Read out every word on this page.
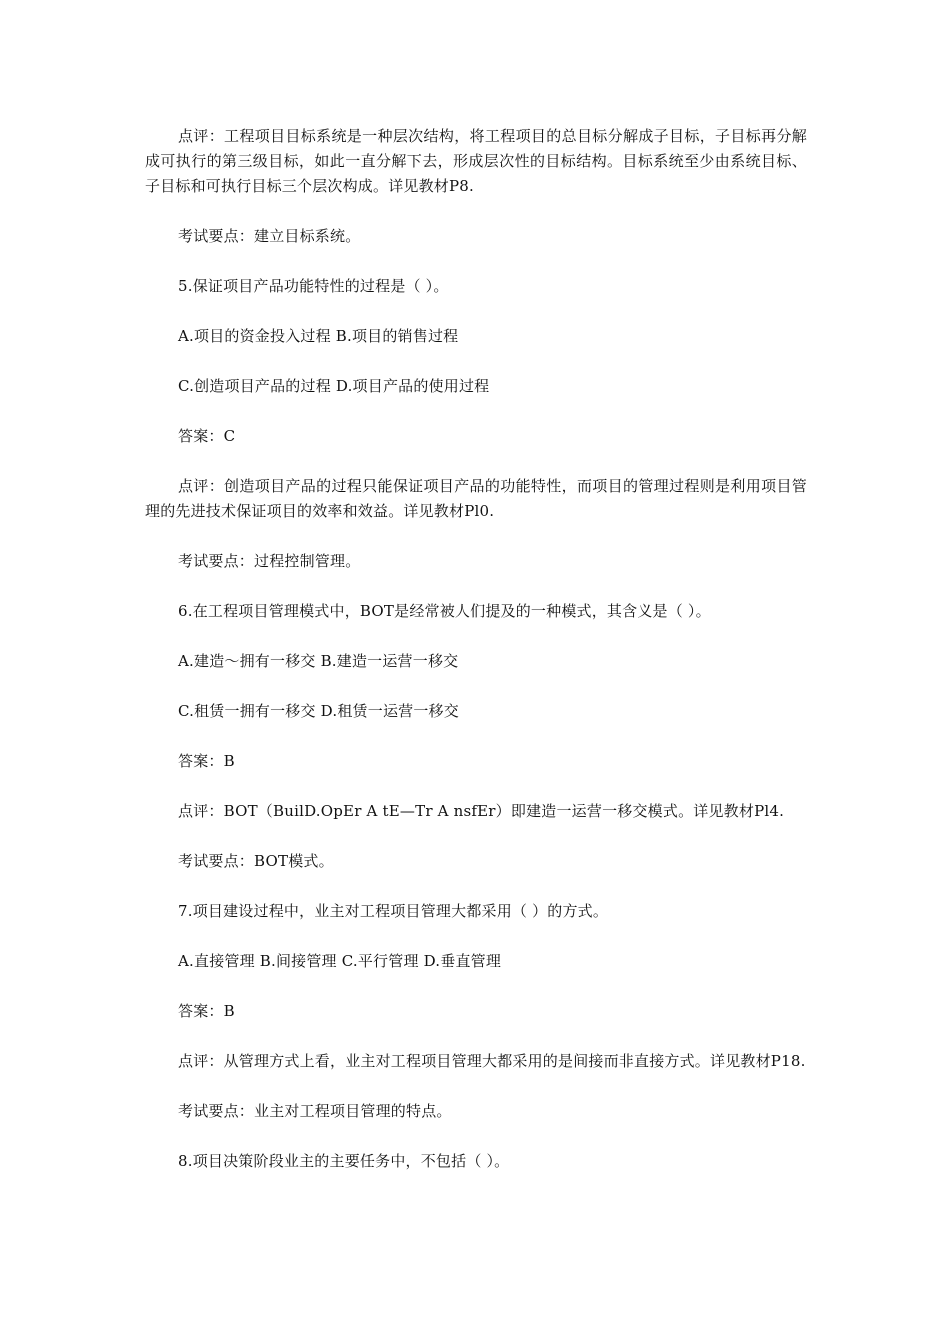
点评：工程项目目标系统是一种层次结构，将工程项目的总目标分解成子目标，子目标再分解成可执行的第三级目标，如此一直分解下去，形成层次性的目标结构。目标系统至少由系统目标、子目标和可执行目标三个层次构成。详见教材P8.

考试要点：建立目标系统。

5.保证项目产品功能特性的过程是（ ）。

A.项目的资金投入过程 B.项目的销售过程

C.创造项目产品的过程 D.项目产品的使用过程

答案：C

点评：创造项目产品的过程只能保证项目产品的功能特性，而项目的管理过程则是利用项目管理的先进技术保证项目的效率和效益。详见教材Pl0.

考试要点：过程控制管理。

6.在工程项目管理模式中，BOT是经常被人们提及的一种模式，其含义是（ ）。

A.建造～拥有一移交 B.建造一运营一移交

C.租赁一拥有一移交 D.租赁一运营一移交

答案：B

点评：BOT（BuilD.OpEr A tE—Tr A nsfEr）即建造一运营一移交模式。详见教材Pl4.

考试要点：BOT模式。

7.项目建设过程中，业主对工程项目管理大都采用（ ）的方式。

A.直接管理 B.间接管理 C.平行管理 D.垂直管理

答案：B

点评：从管理方式上看，业主对工程项目管理大都采用的是间接而非直接方式。详见教材P18.

考试要点：业主对工程项目管理的特点。

8.项目决策阶段业主的主要任务中，不包括（ ）。
